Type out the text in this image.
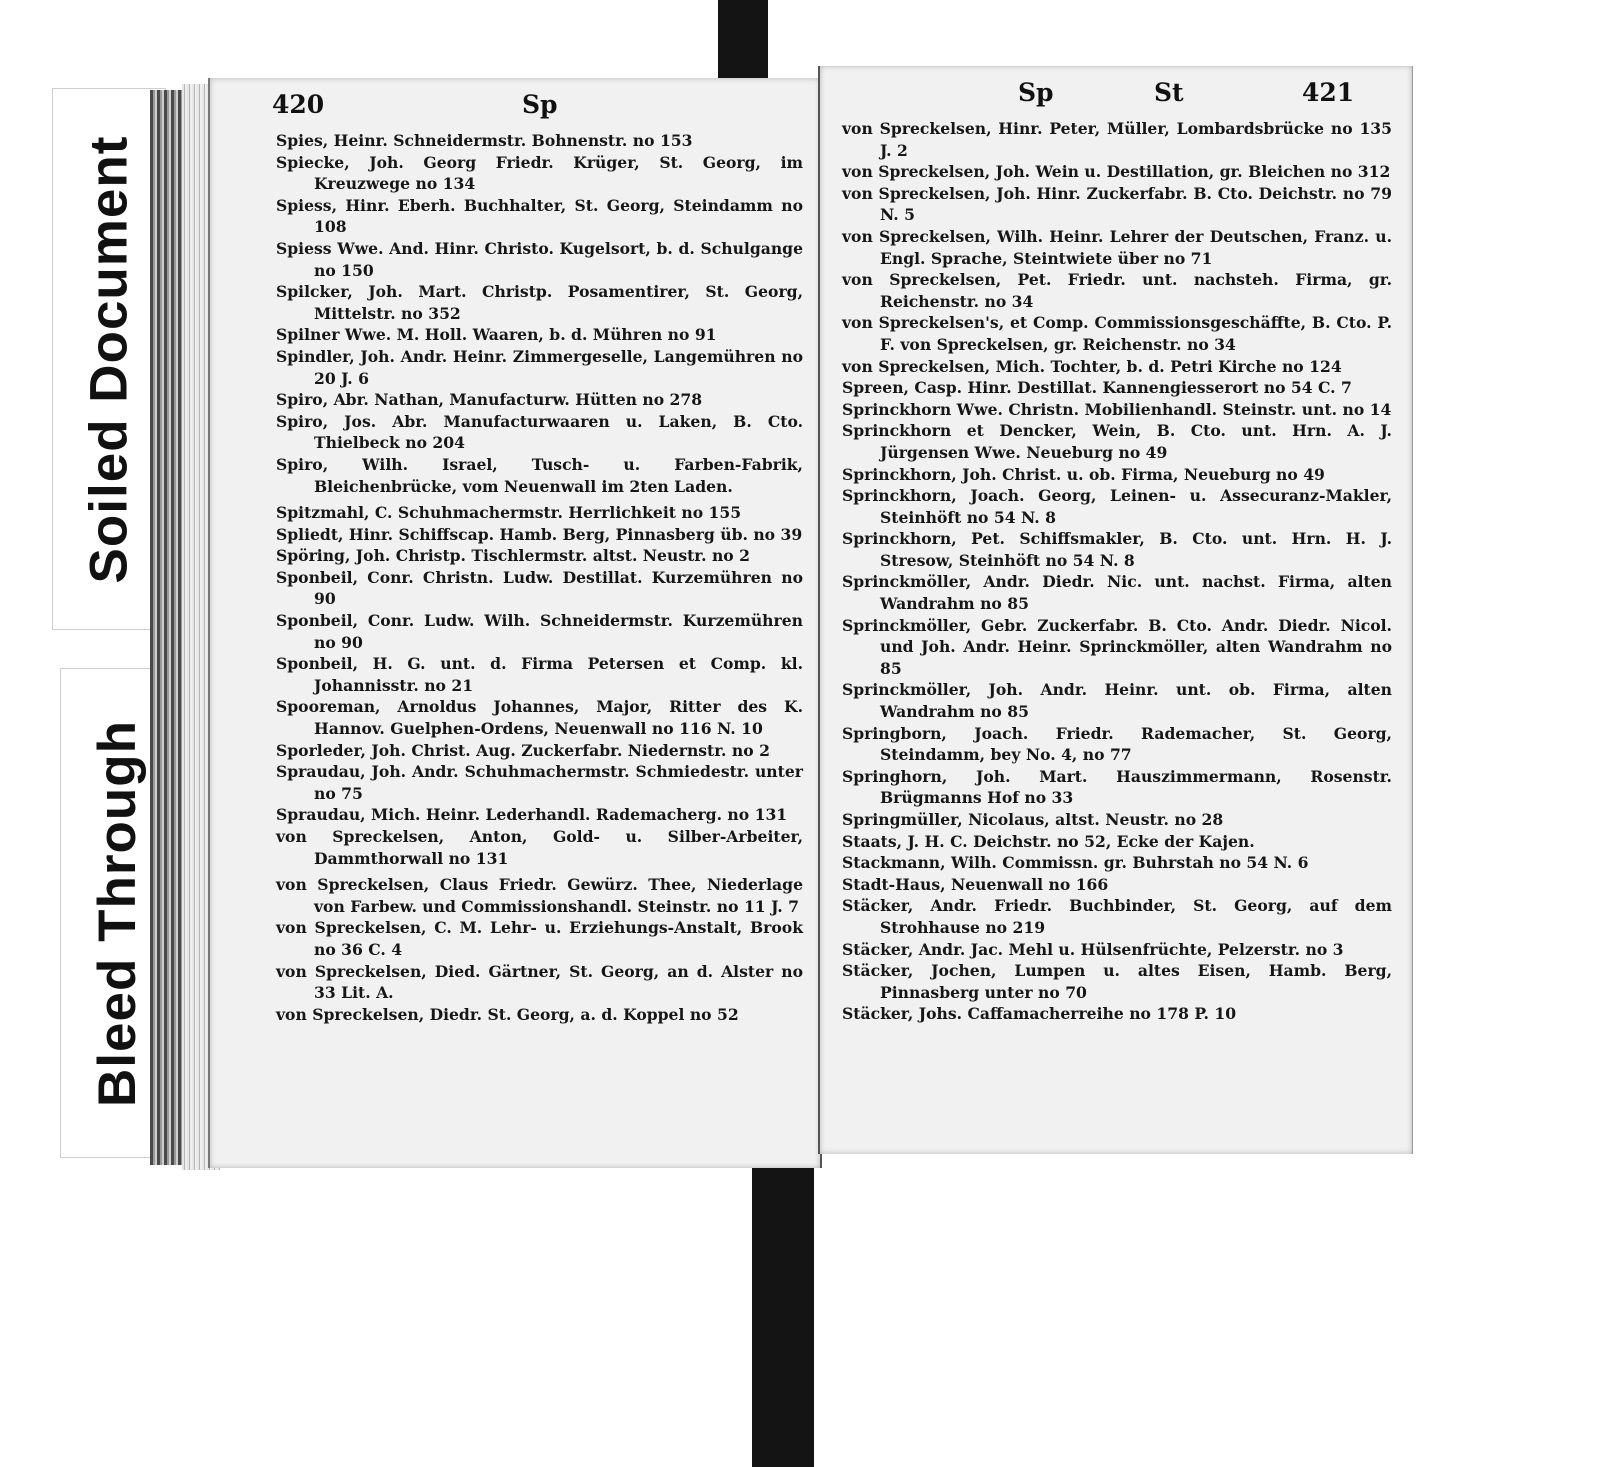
Soiled Document
Bleed Through
420	Sp

Spies, Heinr. Schneidermstr. Bohnenstr. no 153

Spiecke, Joh. Georg Friedr. Krüger, St. Georg, im Kreuzwege no 134

Spiess, Hinr. Eberh. Buchhalter, St. Georg, Steindamm no 108

Spiess Wwe. And. Hinr. Christo. Kugelsort, b. d. Schulgange no 150

Spilcker, Joh. Mart. Christp. Posamentirer, St. Georg, Mittelstr. no 352

Spilner Wwe. M. Holl. Waaren, b. d. Mühren no 91

Spindler, Joh. Andr. Heinr. Zimmergeselle, Langemühren no 20 J. 6

Spiro, Abr. Nathan, Manufacturw. Hütten no 278

Spiro, Jos. Abr. Manufacturwaaren u. Laken, B. Cto. Thielbeck no 204

Spiro, Wilh. Israel, Tusch- u. Farben-Fabrik, Bleichenbrücke, vom Neuenwall im 2ten Laden.

Spitzmahl, C. Schuhmachermstr. Herrlichkeit no 155

Spliedt, Hinr. Schiffscap. Hamb. Berg, Pinnasberg üb. no 39

Spöring, Joh. Christp. Tischlermstr. altst. Neustr. no 2

Sponbeil, Conr. Christn. Ludw. Destillat. Kurzemühren no 90

Sponbeil, Conr. Ludw. Wilh. Schneidermstr. Kurzemühren no 90

Sponbeil, H. G. unt. d. Firma Petersen et Comp. kl. Johannisstr. no 21

Spooreman, Arnoldus Johannes, Major, Ritter des K. Hannov. Guelphen-Ordens, Neuenwall no 116 N. 10

Sporleder, Joh. Christ. Aug. Zuckerfabr. Niedernstr. no 2

Spraudau, Joh. Andr. Schuhmachermstr. Schmiedestr. unter no 75

Spraudau, Mich. Heinr. Lederhandl. Rademacherg. no 131

von Spreckelsen, Anton, Gold- u. Silber-Arbeiter, Dammthorwall no 131

von Spreckelsen, Claus Friedr. Gewürz. Thee, Niederlage von Farbew. und Commissionshandl. Steinstr. no 11 J. 7

von Spreckelsen, C. M. Lehr- u. Erziehungs-Anstalt, Brook no 36 C. 4

von Spreckelsen, Died. Gärtner, St. Georg, an d. Alster no 33 Lit. A.

von Spreckelsen, Diedr. St. Georg, a. d. Koppel no 52

Sp	St	421

von Spreckelsen, Hinr. Peter, Müller, Lombardsbrücke no 135 J. 2

von Spreckelsen, Joh. Wein u. Destillation, gr. Bleichen no 312

von Spreckelsen, Joh. Hinr. Zuckerfabr. B. Cto. Deichstr. no 79 N. 5

von Spreckelsen, Wilh. Heinr. Lehrer der Deutschen, Franz. u. Engl. Sprache, Steintwiete über no 71

von Spreckelsen, Pet. Friedr. unt. nachsteh. Firma, gr. Reichenstr. no 34

von Spreckelsen's, et Comp. Commissionsgeschäffte, B. Cto. P. F. von Spreckelsen, gr. Reichenstr. no 34

von Spreckelsen, Mich. Tochter, b. d. Petri Kirche no 124

Spreen, Casp. Hinr. Destillat. Kannengiesserort no 54 C. 7

Sprinckhorn Wwe. Christn. Mobilienhandl. Steinstr. unt. no 14

Sprinckhorn et Dencker, Wein, B. Cto. unt. Hrn. A. J. Jürgensen Wwe. Neueburg no 49

Sprinckhorn, Joh. Christ. u. ob. Firma, Neueburg no 49

Sprinckhorn, Joach. Georg, Leinen- u. Assecuranz-Makler, Steinhöft no 54 N. 8

Sprinckhorn, Pet. Schiffsmakler, B. Cto. unt. Hrn. H. J. Stresow, Steinhöft no 54 N. 8

Sprinckmöller, Andr. Diedr. Nic. unt. nachst. Firma, alten Wandrahm no 85

Sprinckmöller, Gebr. Zuckerfabr. B. Cto. Andr. Diedr. Nicol. und Joh. Andr. Heinr. Sprinckmöller, alten Wandrahm no 85

Sprinckmöller, Joh. Andr. Heinr. unt. ob. Firma, alten Wandrahm no 85

Springborn, Joach. Friedr. Rademacher, St. Georg, Steindamm, bey No. 4, no 77

Springhorn, Joh. Mart. Hauszimmermann, Rosenstr. Brügmanns Hof no 33

Springmüller, Nicolaus, altst. Neustr. no 28

Staats, J. H. C. Deichstr. no 52, Ecke der Kajen.

Stackmann, Wilh. Commissn. gr. Buhrstah no 54 N. 6

Stadt-Haus, Neuenwall no 166

Stäcker, Andr. Friedr. Buchbinder, St. Georg, auf dem Strohhause no 219

Stäcker, Andr. Jac. Mehl u. Hülsenfrüchte, Pelzerstr. no 3

Stäcker, Jochen, Lumpen u. altes Eisen, Hamb. Berg, Pinnasberg unter no 70

Stäcker, Johs. Caffamacherreihe no 178 P. 10
